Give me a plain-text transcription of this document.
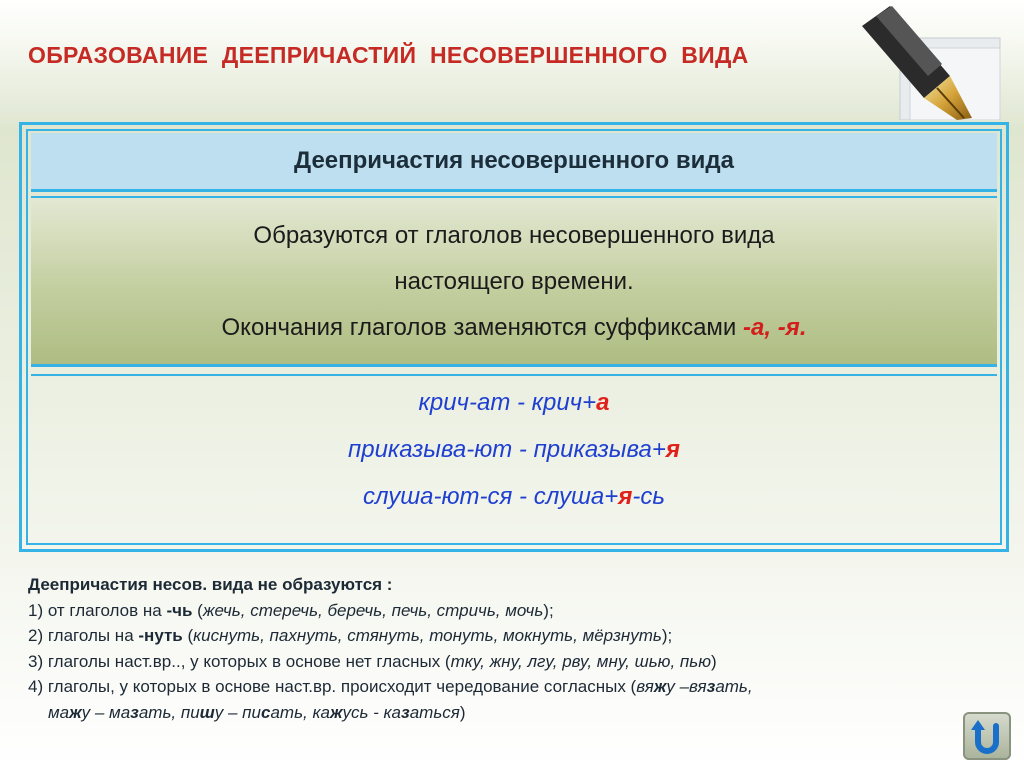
ОБРАЗОВАНИЕ ДЕЕПРИЧАСТИЙ НЕСОВЕРШЕННОГО ВИДА
Деепричастия несовершенного вида
Образуются от глаголов несовершенного вида
настоящего времени.
Окончания глаголов заменяются суффиксами -а, -я.
крич-ат - крич+а
приказыва-ют - приказыва+я
слуша-ют-ся - слуша+я-сь
Деепричастия несов. вида не образуются :
1) от глаголов на -чь (жечь, стеречь, беречь, печь, стричь, мочь);
2) глаголы на -нуть (киснуть, пахнуть, стянуть, тонуть, мокнуть, мёрзнуть);
3) глаголы наст.вр.., у которых в основе нет гласных (тку, жну, лгу, рву, мну, шью, пью)
4) глаголы, у которых в основе наст.вр. происходит чередование согласных (вяжу –вязать,
мажу – мазать, пишу – писать, кажусь - казаться)
